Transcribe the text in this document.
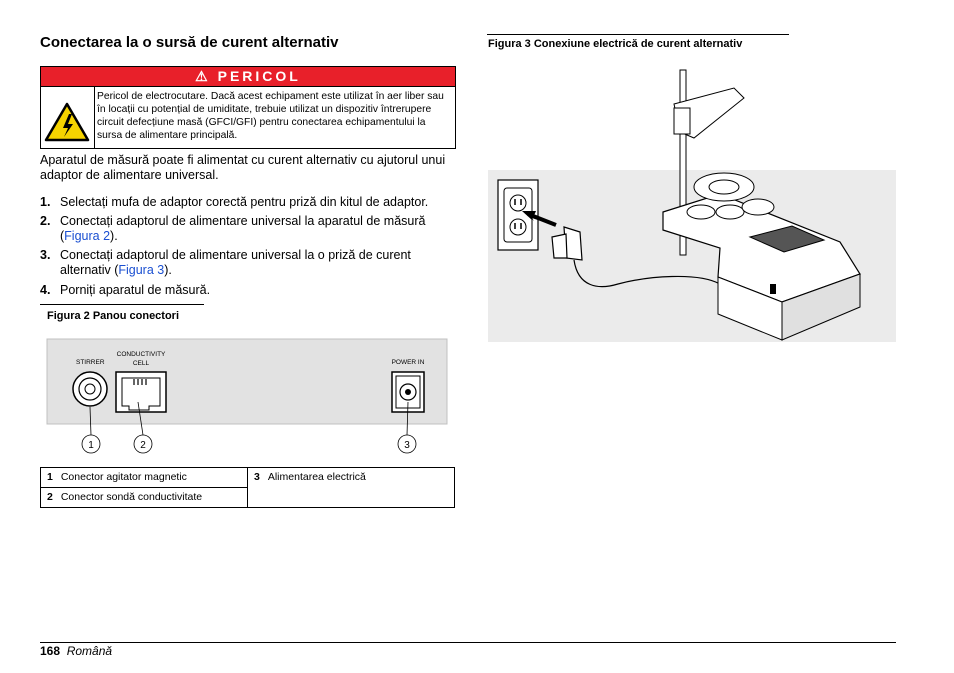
Conectarea la o sursă de curent alternativ
⚠ PERICOL
Pericol de electrocutare. Dacă acest echipament este utilizat în aer liber sau în locații cu potențial de umiditate, trebuie utilizat un dispozitiv întrerupere circuit defecțiune masă (GFCI/GFI) pentru conectarea echipamentului la sursa de alimentare principală.
Aparatul de măsură poate fi alimentat cu curent alternativ cu ajutorul unui adaptor de alimentare universal.
1. Selectați mufa de adaptor corectă pentru priză din kitul de adaptor.
2. Conectați adaptorul de alimentare universal la aparatul de măsură (Figura 2).
3. Conectați adaptorul de alimentare universal la o priză de curent alternativ (Figura 3).
4. Porniți aparatul de măsură.
Figura 2 Panou conectori
STIRRER
CONDUCTIVITY
CELL	POWER IN
1	2	3
1 Conector agitator magnetic	3 Alimentarea electrică
2 Conector sondă conductivitate
Figura 3 Conexiune electrică de curent alternativ
168 Română
